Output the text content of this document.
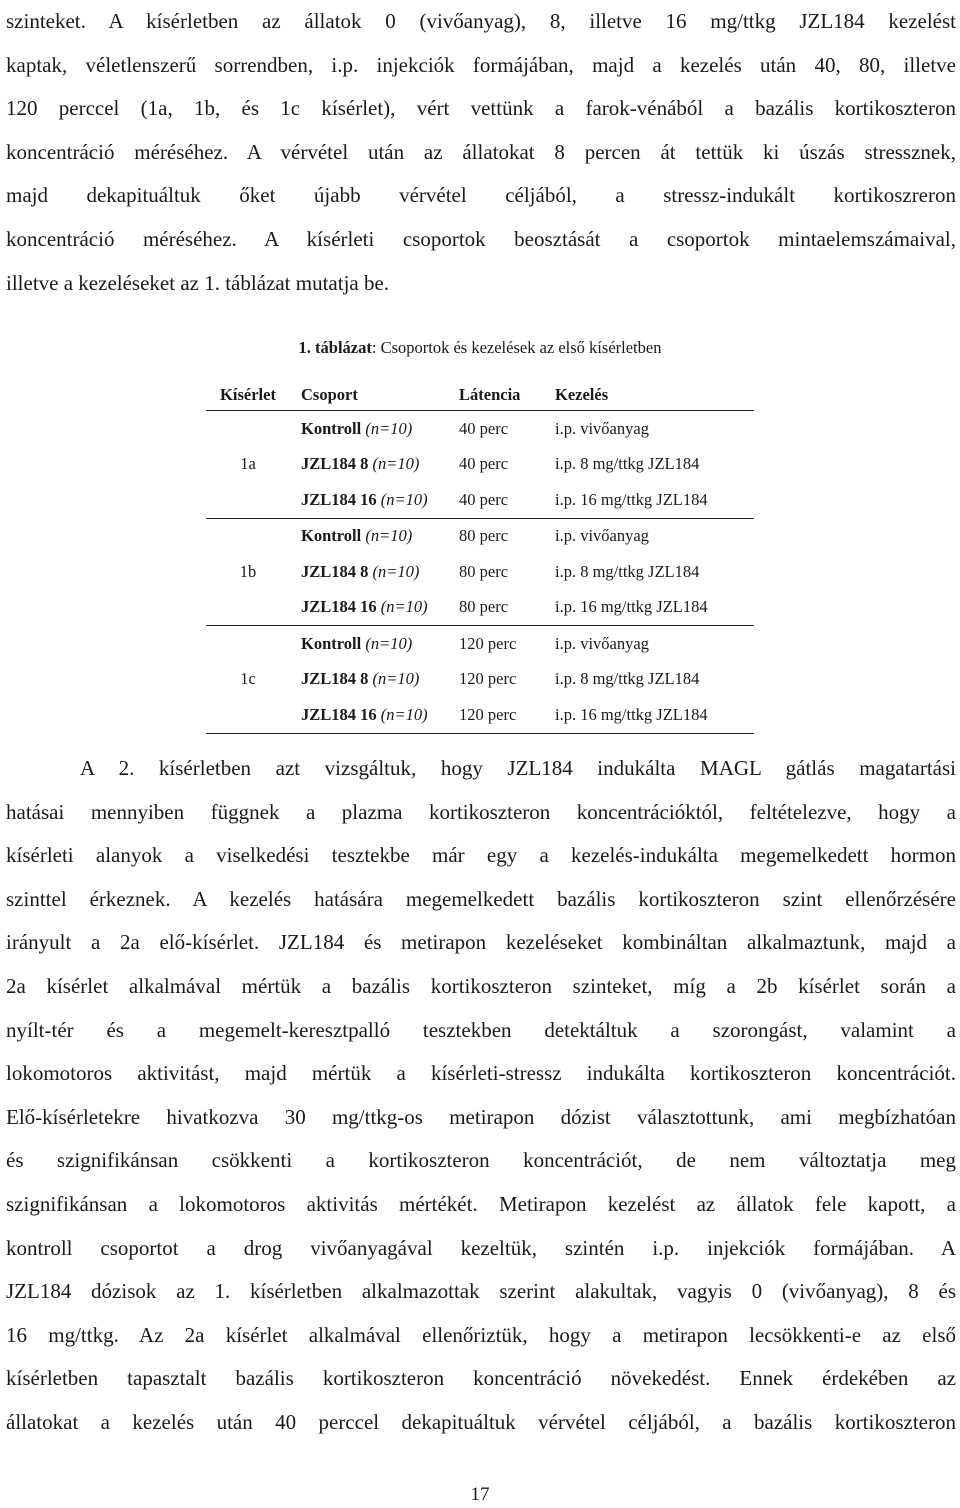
szinteket. A kísérletben az állatok 0 (vivőanyag), 8, illetve 16 mg/ttkg JZL184 kezelést
kaptak, véletlenszerű sorrendben, i.p. injekciók formájában, majd a kezelés után 40, 80, illetve
120 perccel (1a, 1b, és 1c kísérlet), vért vettünk a farok-vénából a bazális kortikoszteron
koncentráció méréséhez. A vérvétel után az állatokat 8 percen át tettük ki úszás stressznek,
majd dekapituáltuk őket újabb vérvétel céljából, a stressz-indukált kortikoszreron
koncentráció méréséhez. A kísérleti csoportok beosztását a csoportok mintaelemszámaival,
illetve a kezeléseket az 1. táblázat mutatja be.
1. táblázat: Csoportok és kezelések az első kísérletben
Kísérlet	Csoport	Látencia	Kezelés
1a	Kontroll (n=10)	40 perc	i.p. vivőanyag
	JZL184 8 (n=10)	40 perc	i.p. 8 mg/ttkg JZL184
	JZL184 16 (n=10)	40 perc	i.p. 16 mg/ttkg JZL184
1b	Kontroll (n=10)	80 perc	i.p. vivőanyag
	JZL184 8 (n=10)	80 perc	i.p. 8 mg/ttkg JZL184
	JZL184 16 (n=10)	80 perc	i.p. 16 mg/ttkg JZL184
1c	Kontroll (n=10)	120 perc	i.p. vivőanyag
	JZL184 8 (n=10)	120 perc	i.p. 8 mg/ttkg JZL184
	JZL184 16 (n=10)	120 perc	i.p. 16 mg/ttkg JZL184
A 2. kísérletben azt vizsgáltuk, hogy JZL184 indukálta MAGL gátlás magatartási
hatásai mennyiben függnek a plazma kortikoszteron koncentrációktól, feltételezve, hogy a
kísérleti alanyok a viselkedési tesztekbe már egy a kezelés-indukálta megemelkedett hormon
szinttel érkeznek. A kezelés hatására megemelkedett bazális kortikoszteron szint ellenőrzésére
irányult a 2a elő-kísérlet. JZL184 és metirapon kezeléseket kombináltan alkalmaztunk, majd a
2a kísérlet alkalmával mértük a bazális kortikoszteron szinteket, míg a 2b kísérlet során a
nyílt-tér és a megemelt-keresztpalló tesztekben detektáltuk a szorongást, valamint a
lokomotoros aktivitást, majd mértük a kísérleti-stressz indukálta kortikoszteron koncentrációt.
Elő-kísérletekre hivatkozva 30 mg/ttkg-os metirapon dózist választottunk, ami megbízhatóan
és szignifikánsan csökkenti a kortikoszteron koncentrációt, de nem változtatja meg
szignifikánsan a lokomotoros aktivitás mértékét. Metirapon kezelést az állatok fele kapott, a
kontroll csoportot a drog vivőanyagával kezeltük, szintén i.p. injekciók formájában. A
JZL184 dózisok az 1. kísérletben alkalmazottak szerint alakultak, vagyis 0 (vivőanyag), 8 és
16 mg/ttkg. Az 2a kísérlet alkalmával ellenőriztük, hogy a metirapon lecsökkenti-e az első
kísérletben tapasztalt bazális kortikoszteron koncentráció növekedést. Ennek érdekében az
állatokat a kezelés után 40 perccel dekapituáltuk vérvétel céljából, a bazális kortikoszteron
17
